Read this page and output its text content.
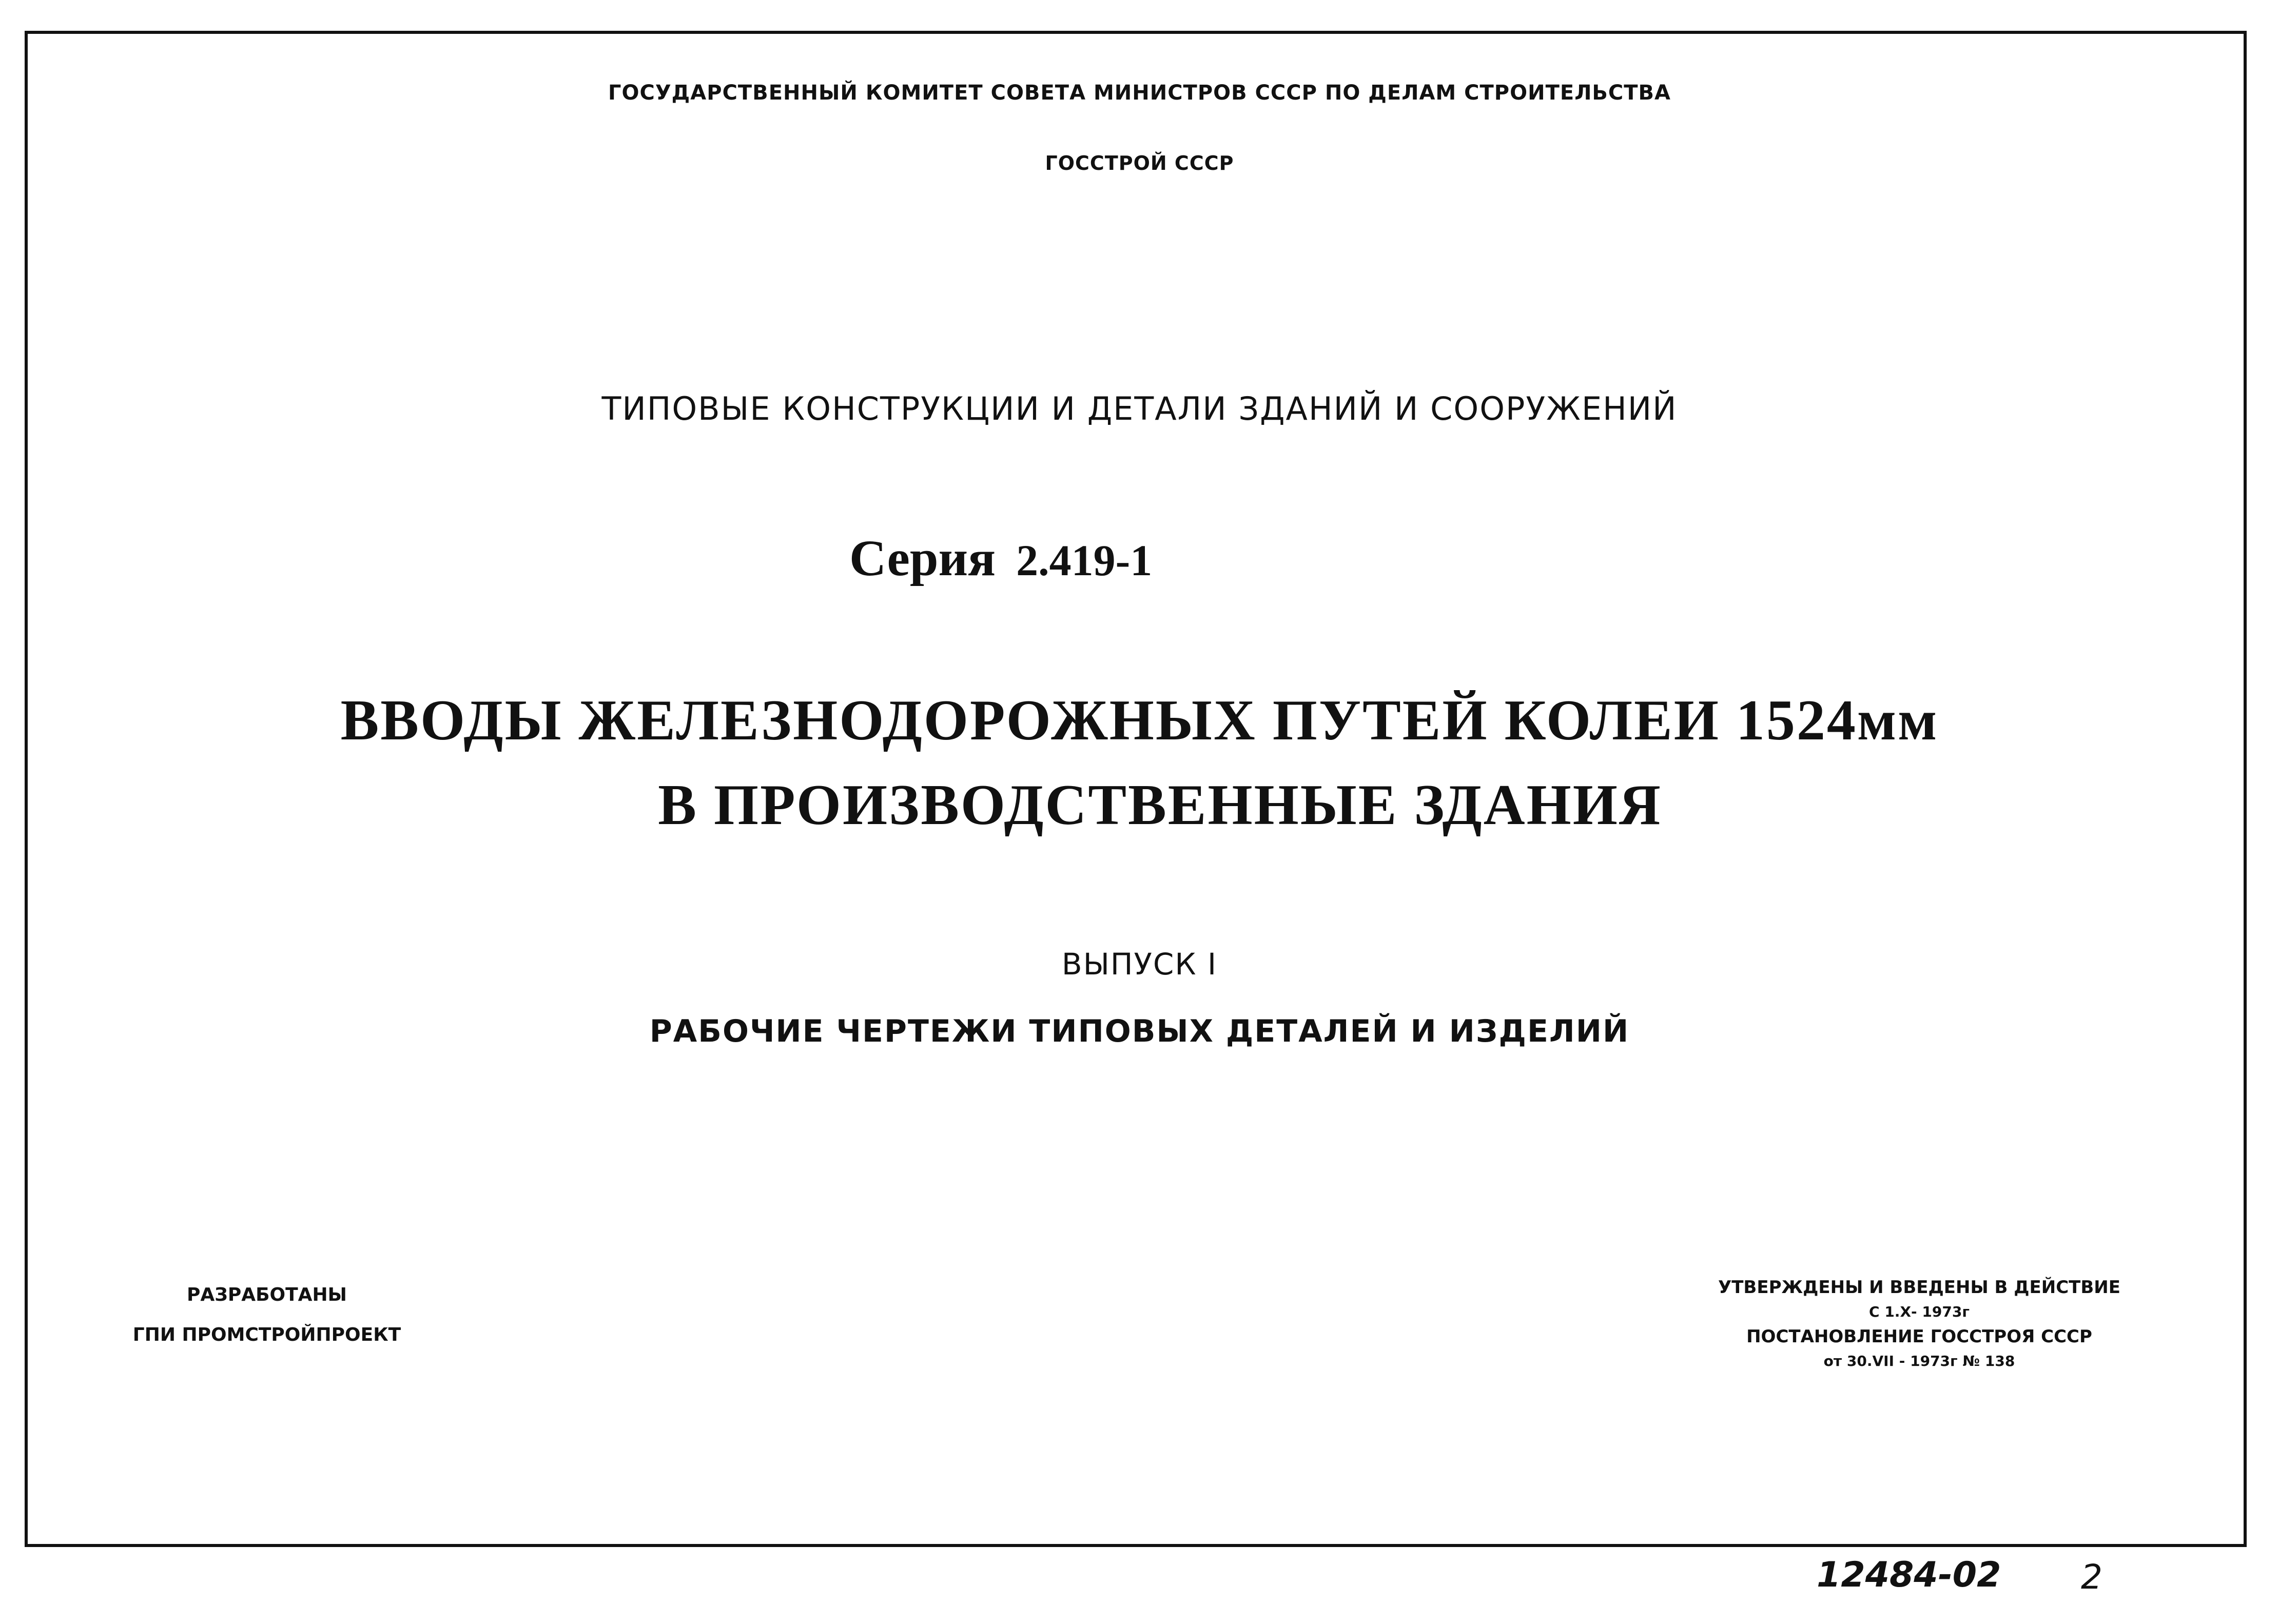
ГОСУДАРСТВЕННЫЙ КОМИТЕТ СОВЕТА МИНИСТРОВ СССР ПО ДЕЛАМ СТРОИТЕЛЬСТВА
ГОССТРОЙ СССР
ТИПОВЫЕ КОНСТРУКЦИИ И ДЕТАЛИ ЗДАНИЙ И СООРУЖЕНИЙ
Серия 2.419-1
ВВОДЫ ЖЕЛЕЗНОДОРОЖНЫХ ПУТЕЙ КОЛЕИ 1524мм
В ПРОИЗВОДСТВЕННЫЕ ЗДАНИЯ
ВЫПУСК I
РАБОЧИЕ ЧЕРТЕЖИ ТИПОВЫХ ДЕТАЛЕЙ И ИЗДЕЛИЙ
РАЗРАБОТАНЫ
ГПИ ПРОМСТРОЙПРОЕКТ
УТВЕРЖДЕНЫ И ВВЕДЕНЫ В ДЕЙСТВИЕ
С 1.Х- 1973г
ПОСТАНОВЛЕНИЕ ГОССТРОЯ СССР
от 30.VII - 1973г № 138
12484-02 2
